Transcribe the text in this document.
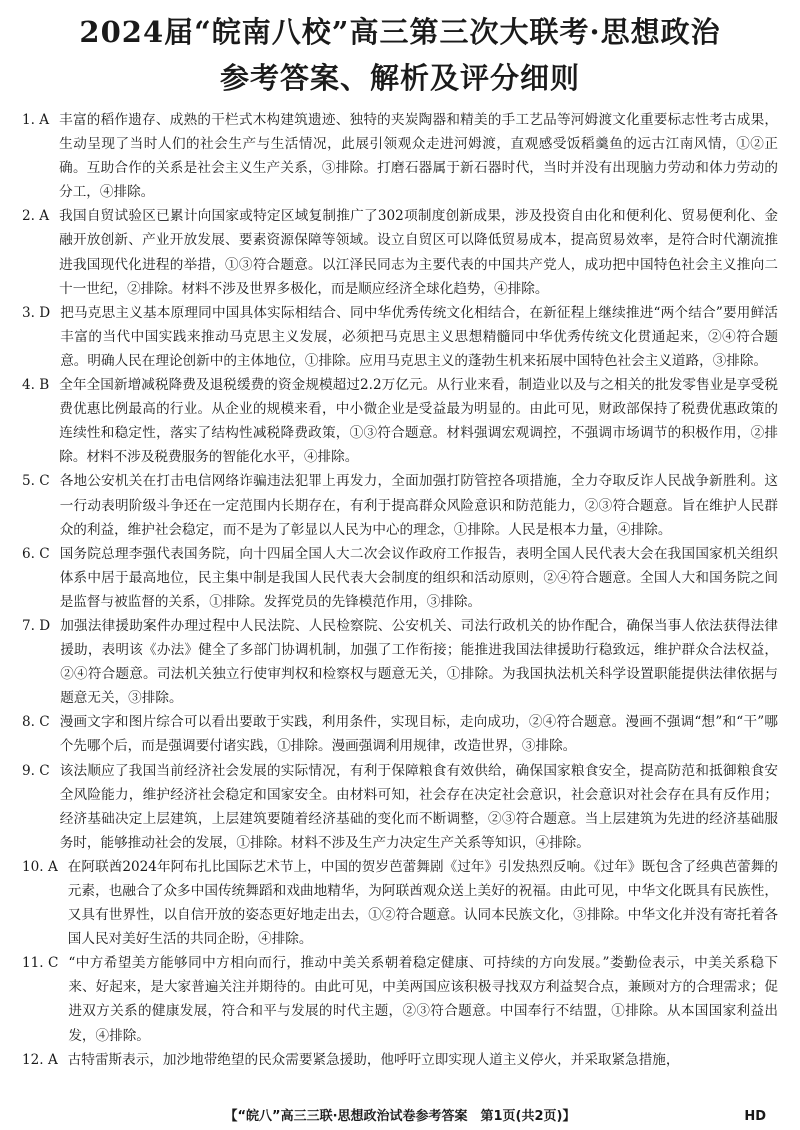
2024届“皖南八校”高三第三次大联考·思想政治
参考答案、解析及评分细则
1. A 丰富的稻作遗存、成熟的干栏式木构建筑遗迹、独特的夹炭陶器和精美的手工艺品等河姆渡文化重要标志性考古成果，生动呈现了当时人们的社会生产与生活情况，此展引领观众走进河姆渡，直观感受饭稻羹鱼的远古江南风情，①②正确。互助合作的关系是社会主义生产关系，③排除。打磨石器属于新石器时代，当时并没有出现脑力劳动和体力劳动的分工，④排除。
2. A 我国自贸试验区已累计向国家或特定区域复制推广了302项制度创新成果，涉及投资自由化和便利化、贸易便利化、金融开放创新、产业开放发展、要素资源保障等领域。设立自贸区可以降低贸易成本，提高贸易效率，是符合时代潮流推进我国现代化进程的举措，①③符合题意。以江泽民同志为主要代表的中国共产党人，成功把中国特色社会主义推向二十一世纪，②排除。材料不涉及世界多极化，而是顺应经济全球化趋势，④排除。
3. D 把马克思主义基本原理同中国具体实际相结合、同中华优秀传统文化相结合，在新征程上继续推进“两个结合”要用鲜活丰富的当代中国实践来推动马克思主义发展，必须把马克思主义思想精髓同中华优秀传统文化贯通起来，②④符合题意。明确人民在理论创新中的主体地位，①排除。应用马克思主义的蓬勃生机来拓展中国特色社会主义道路，③排除。
4. B 全年全国新增减税降费及退税缓费的资金规模超过2.2万亿元。从行业来看，制造业以及与之相关的批发零售业是享受税费优惠比例最高的行业。从企业的规模来看，中小微企业是受益最为明显的。由此可见，财政部保持了税费优惠政策的连续性和稳定性，落实了结构性减税降费政策，①③符合题意。材料强调宏观调控，不强调市场调节的积极作用，②排除。材料不涉及税费服务的智能化水平，④排除。
5. C 各地公安机关在打击电信网络诈骗违法犯罪上再发力，全面加强打防管控各项措施，全力夺取反诈人民战争新胜利。这一行动表明阶级斗争还在一定范围内长期存在，有利于提高群众风险意识和防范能力，②③符合题意。旨在维护人民群众的利益，维护社会稳定，而不是为了彰显以人民为中心的理念，①排除。人民是根本力量，④排除。
6. C 国务院总理李强代表国务院，向十四届全国人大二次会议作政府工作报告，表明全国人民代表大会在我国国家机关组织体系中居于最高地位，民主集中制是我国人民代表大会制度的组织和活动原则，②④符合题意。全国人大和国务院之间是监督与被监督的关系，①排除。发挥党员的先锋模范作用，③排除。
7. D 加强法律援助案件办理过程中人民法院、人民检察院、公安机关、司法行政机关的协作配合，确保当事人依法获得法律援助，表明该《办法》健全了多部门协调机制，加强了工作衔接；能推进我国法律援助行稳致远，维护群众合法权益，②④符合题意。司法机关独立行使审判权和检察权与题意无关，①排除。为我国执法机关科学设置职能提供法律依据与题意无关，③排除。
8. C 漫画文字和图片综合可以看出要敢于实践，利用条件，实现目标，走向成功，②④符合题意。漫画不强调“想”和“干”哪个先哪个后，而是强调要付诸实践，①排除。漫画强调利用规律，改造世界，③排除。
9. C 该法顺应了我国当前经济社会发展的实际情况，有利于保障粮食有效供给，确保国家粮食安全，提高防范和抵御粮食安全风险能力，维护经济社会稳定和国家安全。由材料可知，社会存在决定社会意识，社会意识对社会存在具有反作用；经济基础决定上层建筑，上层建筑要随着经济基础的变化而不断调整，②③符合题意。当上层建筑为先进的经济基础服务时，能够推动社会的发展，①排除。材料不涉及生产力决定生产关系等知识，④排除。
10. A 在阿联酋2024年阿布扎比国际艺术节上，中国的贺岁芭蕾舞剧《过年》引发热烈反响。《过年》既包含了经典芭蕾舞的元素，也融合了众多中国传统舞蹈和戏曲地精华，为阿联酋观众送上美好的祝福。由此可见，中华文化既具有民族性，又具有世界性，以自信开放的姿态更好地走出去，①②符合题意。认同本民族文化，③排除。中华文化并没有寄托着各国人民对美好生活的共同企盼，④排除。
11. C “中方希望美方能够同中方相向而行，推动中美关系朝着稳定健康、可持续的方向发展。”娄勤俭表示，中美关系稳下来、好起来，是大家普遍关注并期待的。由此可见，中美两国应该积极寻找双方利益契合点，兼顾对方的合理需求；促进双方关系的健康发展，符合和平与发展的时代主题，②③符合题意。中国奉行不结盟，①排除。从本国国家利益出发，④排除。
12. A 古特雷斯表示，加沙地带绝望的民众需要紧急援助，他呼吁立即实现人道主义停火，并采取紧急措施，
【“皖八”高三三联·思想政治试卷参考答案　第1页(共2页)】	HD
